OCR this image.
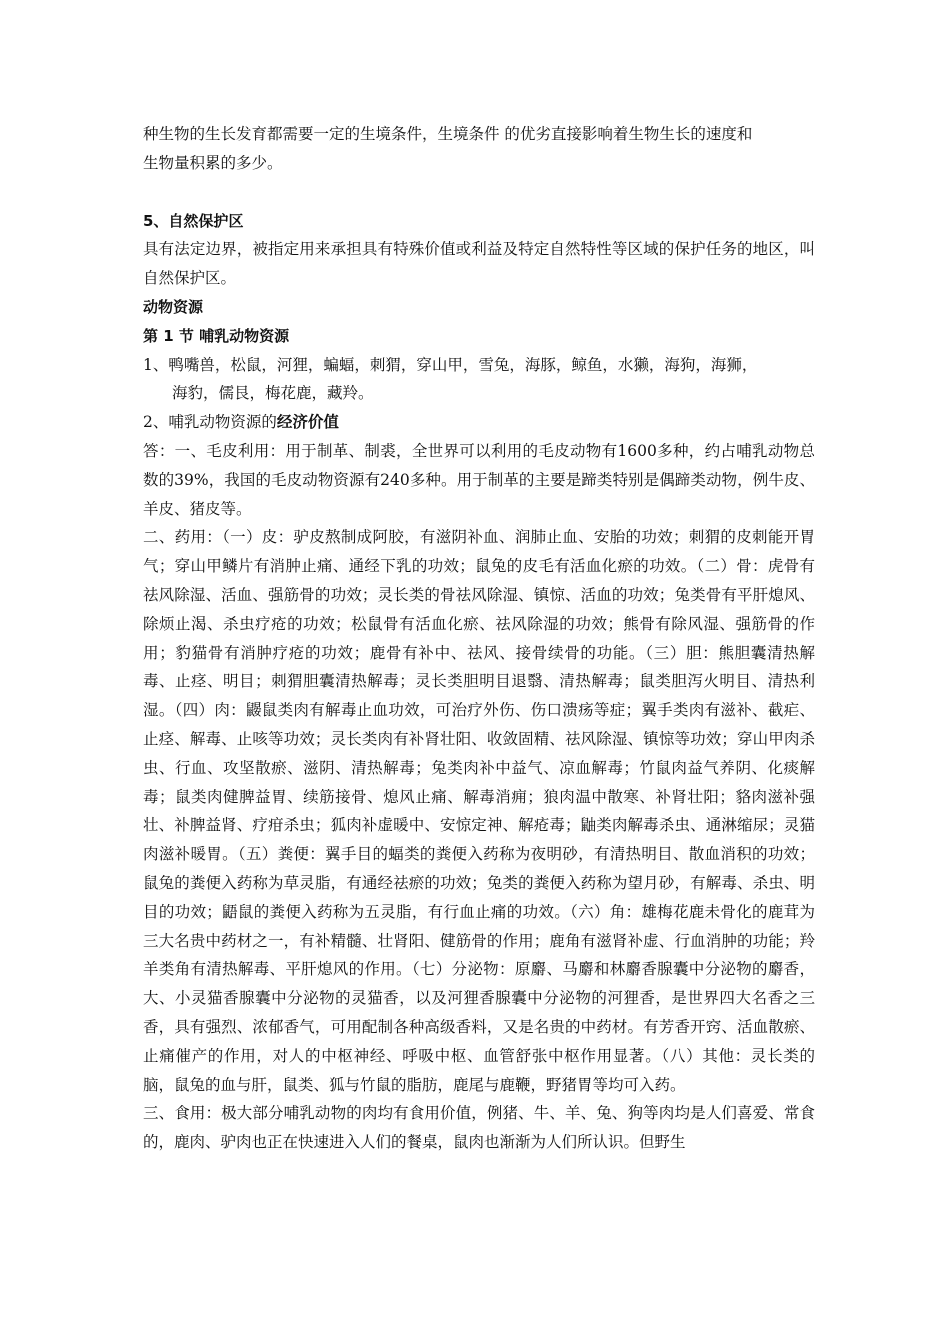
种生物的生长发育都需要一定的生境条件，生境条件 的优劣直接影响着生物生长的速度和
生物量积累的多少。

5、自然保护区

具有法定边界，被指定用来承担具有特殊价值或利益及特定自然特性等区域的保护任务的地区，叫自然保护区。

动物资源

第 1 节 哺乳动物资源

1、鸭嘴兽，松鼠，河狸，蝙蝠，刺猬，穿山甲，雪兔，海豚，鲸鱼，水獭，海狗，海狮，
海豹，儒艮，梅花鹿，藏羚。

2、哺乳动物资源的经济价值

答：一、毛皮利用：用于制革、制裘，全世界可以利用的毛皮动物有1600多种，约占哺乳动物总数的39%，我国的毛皮动物资源有240多种。用于制革的主要是蹄类特别是偶蹄类动物，例牛皮、羊皮、猪皮等。

二、药用：（一）皮：驴皮熬制成阿胶，有滋阴补血、润肺止血、安胎的功效；刺猬的皮刺能开胃气；穿山甲鳞片有消肿止痛、通经下乳的功效；鼠兔的皮毛有活血化瘀的功效。（二）骨：虎骨有祛风除湿、活血、强筋骨的功效；灵长类的骨祛风除湿、镇惊、活血的功效；兔类骨有平肝熄风、除烦止渴、杀虫疗疮的功效；松鼠骨有活血化瘀、祛风除湿的功效；熊骨有除风湿、强筋骨的作用；豹猫骨有消肿疗疮的功效；鹿骨有补中、祛风、接骨续骨的功能。（三）胆：熊胆囊清热解毒、止痉、明目；刺猬胆囊清热解毒；灵长类胆明目退翳、清热解毒；鼠类胆泻火明目、清热利湿。（四）肉：鼹鼠类肉有解毒止血功效，可治疗外伤、伤口溃疡等症；翼手类肉有滋补、截疟、止痉、解毒、止咳等功效；灵长类肉有补肾壮阳、收敛固精、祛风除湿、镇惊等功效；穿山甲肉杀虫、行血、攻坚散瘀、滋阴、清热解毒；兔类肉补中益气、凉血解毒；竹鼠肉益气养阴、化痰解毒；鼠类肉健脾益胃、续筋接骨、熄风止痛、解毒消痈；狼肉温中散寒、补肾壮阳；貉肉滋补强壮、补脾益肾、疗疳杀虫；狐肉补虚暖中、安惊定神、解疮毒；鼬类肉解毒杀虫、通淋缩尿；灵猫肉滋补暖胃。（五）粪便：翼手目的蝠类的粪便入药称为夜明砂，有清热明目、散血消积的功效；鼠兔的粪便入药称为草灵脂，有通经祛瘀的功效；兔类的粪便入药称为望月砂，有解毒、杀虫、明目的功效；鼯鼠的粪便入药称为五灵脂，有行血止痛的功效。（六）角：雄梅花鹿未骨化的鹿茸为三大名贵中药材之一，有补精髓、壮肾阳、健筋骨的作用；鹿角有滋肾补虚、行血消肿的功能；羚羊类角有清热解毒、平肝熄风的作用。（七）分泌物：原麝、马麝和林麝香腺囊中分泌物的麝香，大、小灵猫香腺囊中分泌物的灵猫香，以及河狸香腺囊中分泌物的河狸香，是世界四大名香之三香，具有强烈、浓郁香气，可用配制各种高级香料，又是名贵的中药材。有芳香开窍、活血散瘀、止痛催产的作用，对人的中枢神经、呼吸中枢、血管舒张中枢作用显著。（八）其他：灵长类的脑，鼠兔的血与肝，鼠类、狐与竹鼠的脂肪，鹿尾与鹿鞭，野猪胃等均可入药。

三、食用：极大部分哺乳动物的肉均有食用价值，例猪、牛、羊、兔、狗等肉均是人们喜爱、常食的，鹿肉、驴肉也正在快速进入人们的餐桌，鼠肉也渐渐为人们所认识。但野生
